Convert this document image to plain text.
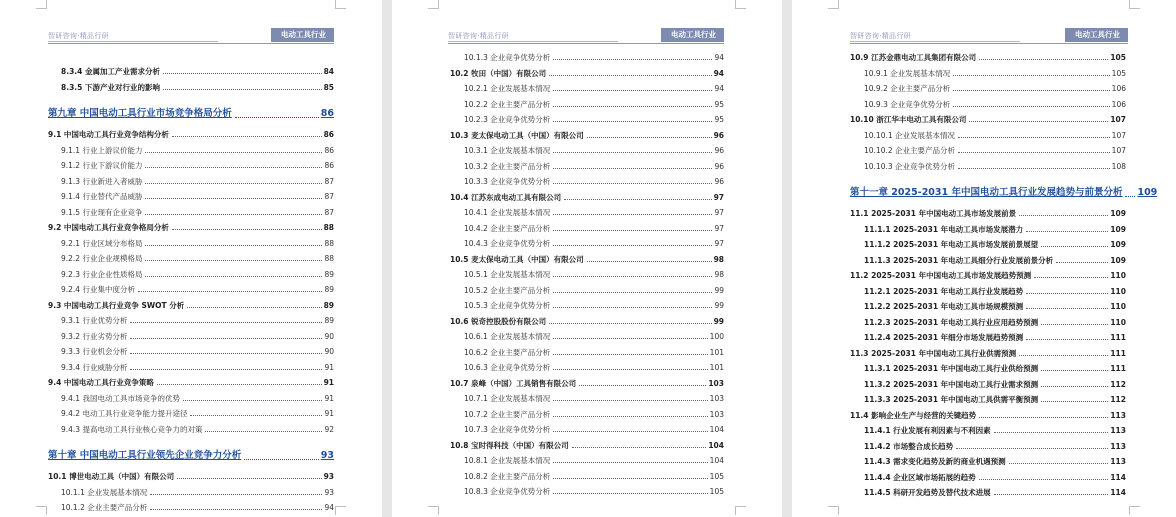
智研咨询·精品行研	电动工具行业
8.3.4 金属加工产业需求分析	84
8.3.5 下游产业对行业的影响	85
第九章 中国电动工具行业市场竞争格局分析	86
9.1 中国电动工具行业竞争结构分析	86
9.1.1 行业上游议价能力	86
9.1.2 行业下游议价能力	86
9.1.3 行业新进入者威胁	87
9.1.4 行业替代产品威胁	87
9.1.5 行业现有企业竞争	87
9.2 中国电动工具行业竞争格局分析	88
9.2.1 行业区域分布格局	88
9.2.2 行业企业规模格局	88
9.2.3 行业企业性质格局	89
9.2.4 行业集中度分析	89
9.3 中国电动工具行业竞争 SWOT 分析	89
9.3.1 行业优势分析	89
9.3.2 行业劣势分析	90
9.3.3 行业机会分析	90
9.3.4 行业威胁分析	91
9.4 中国电动工具行业竞争策略	91
9.4.1 我国电动工具市场竞争的优势	91
9.4.2 电动工具行业竞争能力提升途径	91
9.4.3 提高电动工具行业核心竞争力的对策	92
第十章 中国电动工具行业领先企业竞争力分析	93
10.1 博世电动工具（中国）有限公司	93
10.1.1 企业发展基本情况	93
10.1.2 企业主要产品分析	94
智研咨询·精品行研	电动工具行业
10.1.3 企业竞争优势分析	94
10.2 牧田（中国）有限公司	94
10.2.1 企业发展基本情况	94
10.2.2 企业主要产品分析	95
10.2.3 企业竞争优势分析	95
10.3 麦太保电动工具（中国）有限公司	96
10.3.1 企业发展基本情况	96
10.3.2 企业主要产品分析	96
10.3.3 企业竞争优势分析	96
10.4 江苏东成电动工具有限公司	97
10.4.1 企业发展基本情况	97
10.4.2 企业主要产品分析	97
10.4.3 企业竞争优势分析	97
10.5 麦太保电动工具（中国）有限公司	98
10.5.1 企业发展基本情况	98
10.5.2 企业主要产品分析	99
10.5.3 企业竞争优势分析	99
10.6 锐奇控股股份有限公司	99
10.6.1 企业发展基本情况	100
10.6.2 企业主要产品分析	101
10.6.3 企业竞争优势分析	101
10.7 泉峰（中国）工具销售有限公司	103
10.7.1 企业发展基本情况	103
10.7.2 企业主要产品分析	103
10.7.3 企业竞争优势分析	104
10.8 宝时得科技（中国）有限公司	104
10.8.1 企业发展基本情况	104
10.8.2 企业主要产品分析	105
10.8.3 企业竞争优势分析	105
智研咨询·精品行研	电动工具行业
10.9 江苏金鼎电动工具集团有限公司	105
10.9.1 企业发展基本情况	105
10.9.2 企业主要产品分析	106
10.9.3 企业竞争优势分析	106
10.10 浙江华丰电动工具有限公司	107
10.10.1 企业发展基本情况	107
10.10.2 企业主要产品分析	107
10.10.3 企业竞争优势分析	108
第十一章 2025-2031 年中国电动工具行业发展趋势与前景分析 109
11.1 2025-2031 年中国电动工具市场发展前景	109
11.1.1 2025-2031 年电动工具市场发展潜力	109
11.1.2 2025-2031 年电动工具市场发展前景展望	109
11.1.3 2025-2031 年电动工具细分行业发展前景分析	109
11.2 2025-2031 年中国电动工具市场发展趋势预测	110
11.2.1 2025-2031 年电动工具行业发展趋势	110
11.2.2 2025-2031 年电动工具市场规模预测	110
11.2.3 2025-2031 年电动工具行业应用趋势预测	110
11.2.4 2025-2031 年细分市场发展趋势预测	111
11.3 2025-2031 年中国电动工具行业供需预测	111
11.3.1 2025-2031 年中国电动工具行业供给预测	111
11.3.2 2025-2031 年中国电动工具行业需求预测	112
11.3.3 2025-2031 年中国电动工具供需平衡预测	112
11.4 影响企业生产与经营的关键趋势	113
11.4.1 行业发展有利因素与不利因素	113
11.4.2 市场整合成长趋势	113
11.4.3 需求变化趋势及新的商业机遇预测	113
11.4.4 企业区域市场拓展的趋势	114
11.4.5 科研开发趋势及替代技术进展	114
